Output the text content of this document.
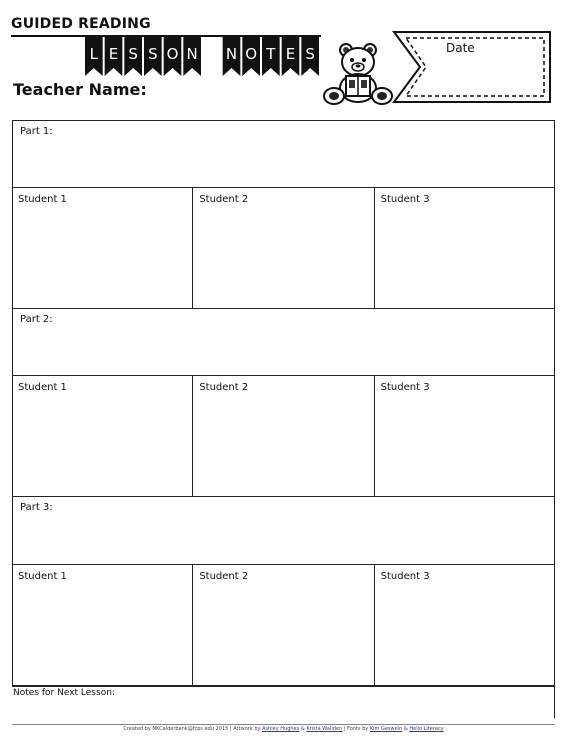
GUIDED READING
L E S S O N N O T E S
Teacher Name:
Date
Part 1:
Student 1	Student 2	Student 3
Part 2:
Student 1	Student 2	Student 3
Part 3:
Student 1	Student 2	Student 3
Notes for Next Lesson:
Created by NKCalderbank@fcps.edu 2015 | Artwork by Ashley Hughes & Krista Wallden | Fonts by Kim Geswein & Hello Literacy
